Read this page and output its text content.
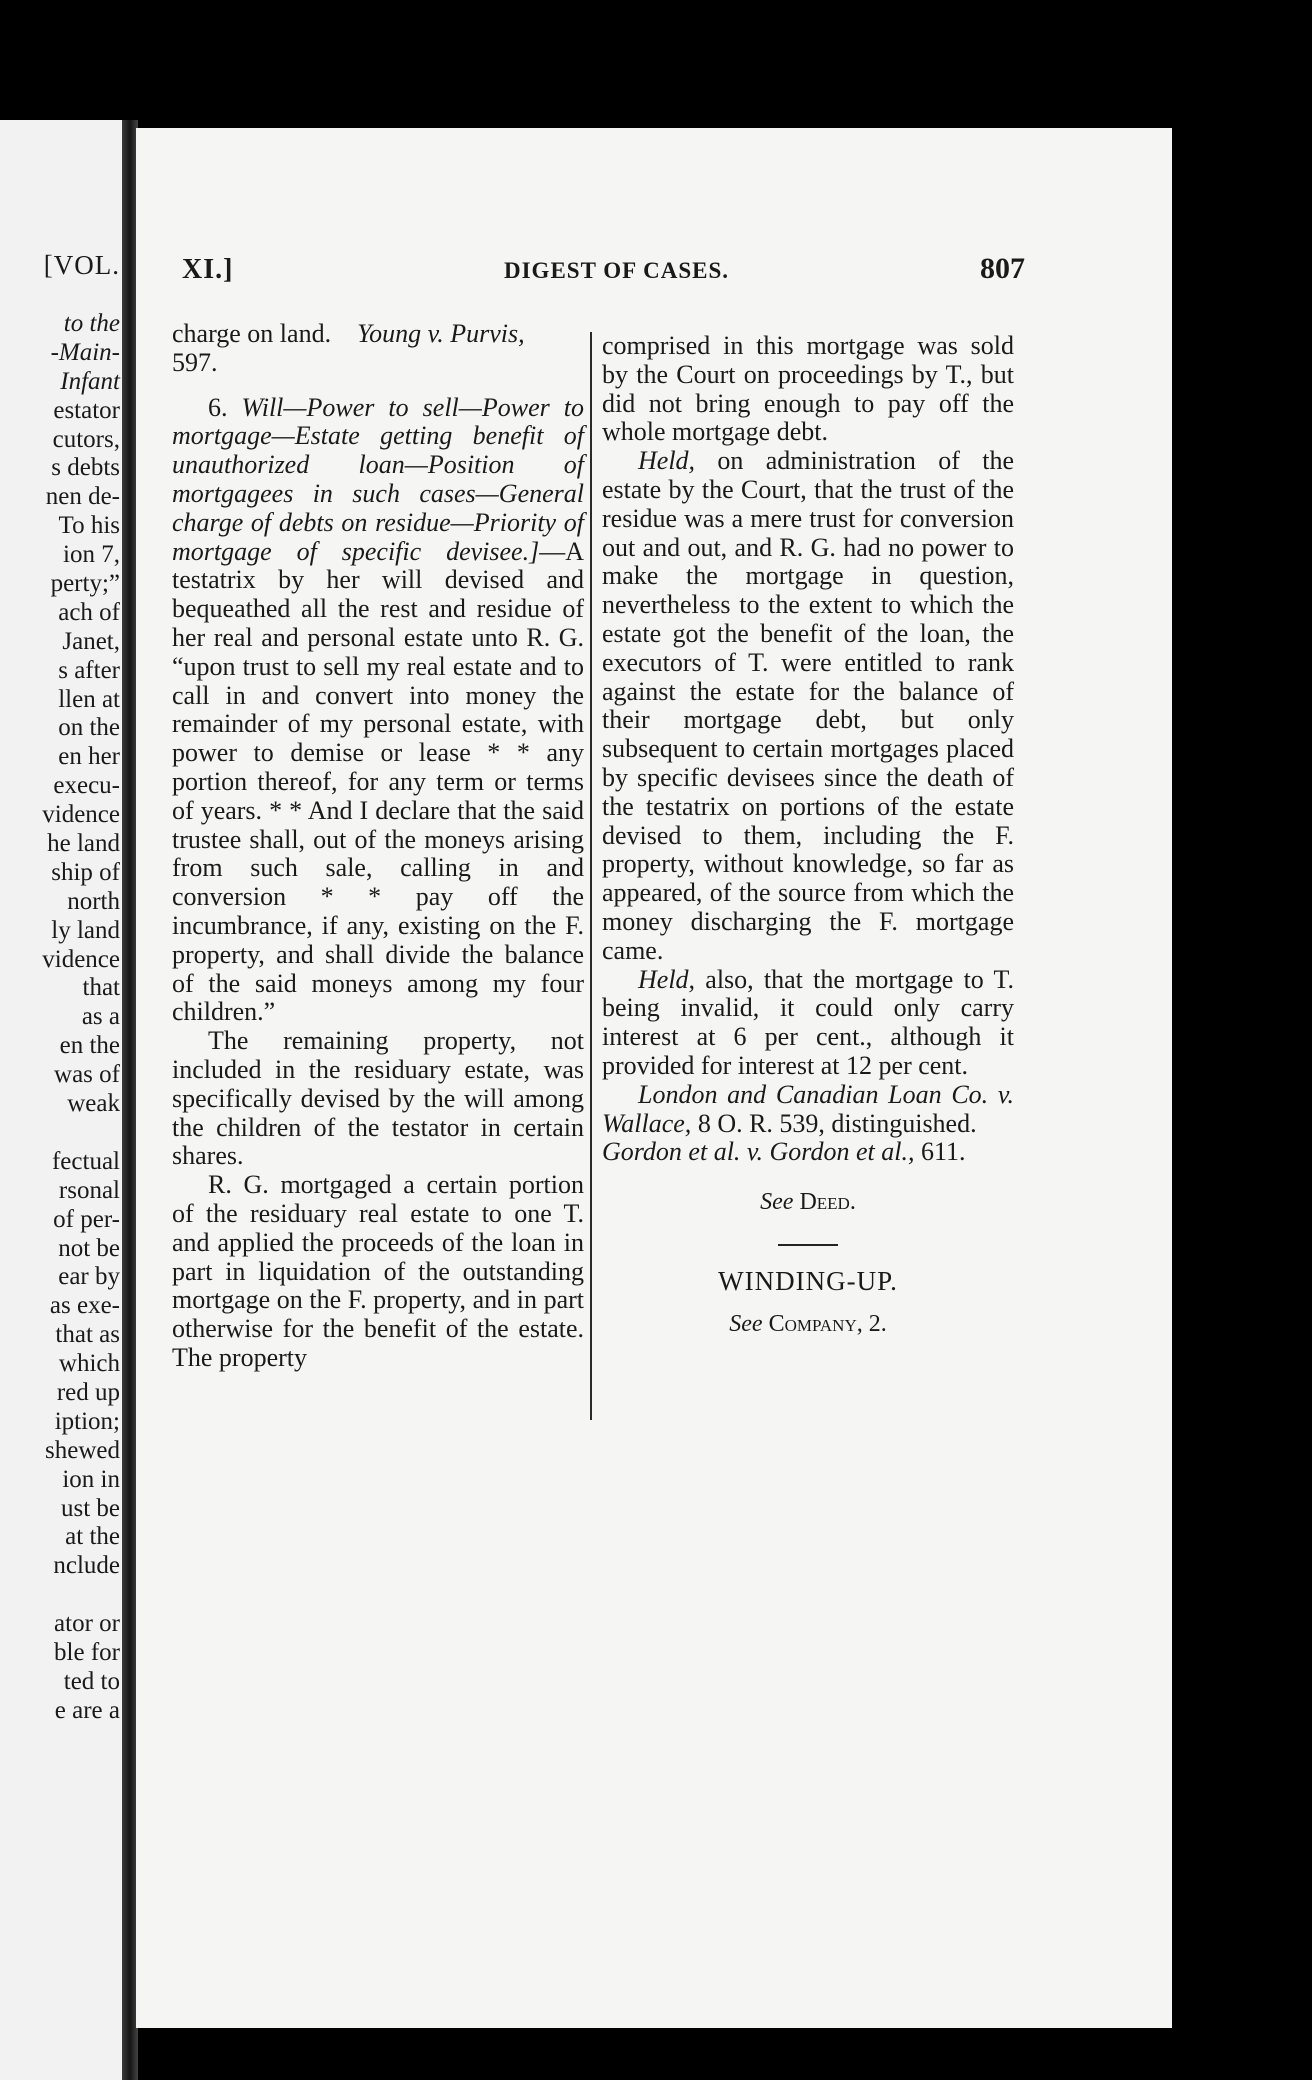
[VOL.
to the
-Main-
Infant
estator
cutors,
s debts
nen de-
To his
ion 7,
perty;”
ach of
Janet,
s after
llen at
on the
en her
execu-
vidence
he land
ship of
north
ly land
vidence
that
as a
en the
was of
weak
fectual
rsonal
of per-
not be
ear by
as exe-
that as
which
red up
iption;
shewed
ion in
ust be
at the
nclude
ator or
ble for
ted to
e are a
XI.]	DIGEST OF CASES.	807
charge on land. Young v. Purvis,
597.
6. Will—Power to sell—Power to mortgage—Estate getting benefit of unauthorized loan—Position of mortgagees in such cases—General charge of debts on residue—Priority of mortgage of specific devisee.]—A testatrix by her will devised and bequeathed all the rest and residue of her real and personal estate unto R. G. “upon trust to sell my real estate and to call in and convert into money the remainder of my personal estate, with power to demise or lease * * any portion thereof, for any term or terms of years. * * And I declare that the said trustee shall, out of the moneys arising from such sale, calling in and conversion * * pay off the incumbrance, if any, existing on the F. property, and shall divide the balance of the said moneys among my four children.”
The remaining property, not included in the residuary estate, was specifically devised by the will among the children of the testator in certain shares.
R. G. mortgaged a certain portion of the residuary real estate to one T. and applied the proceeds of the loan in part in liquidation of the outstanding mortgage on the F. property, and in part otherwise for the benefit of the estate. The property
comprised in this mortgage was sold by the Court on proceedings by T., but did not bring enough to pay off the whole mortgage debt.
Held, on administration of the estate by the Court, that the trust of the residue was a mere trust for conversion out and out, and R. G. had no power to make the mortgage in question, nevertheless to the extent to which the estate got the benefit of the loan, the executors of T. were entitled to rank against the estate for the balance of their mortgage debt, but only subsequent to certain mortgages placed by specific devisees since the death of the testatrix on portions of the estate devised to them, including the F. property, without knowledge, so far as appeared, of the source from which the money discharging the F. mortgage came.
Held, also, that the mortgage to T. being invalid, it could only carry interest at 6 per cent., although it provided for interest at 12 per cent.
London and Canadian Loan Co. v. Wallace, 8 O. R. 539, distinguished.
Gordon et al. v. Gordon et al., 611.
See Deed.
WINDING-UP.
See Company, 2.
